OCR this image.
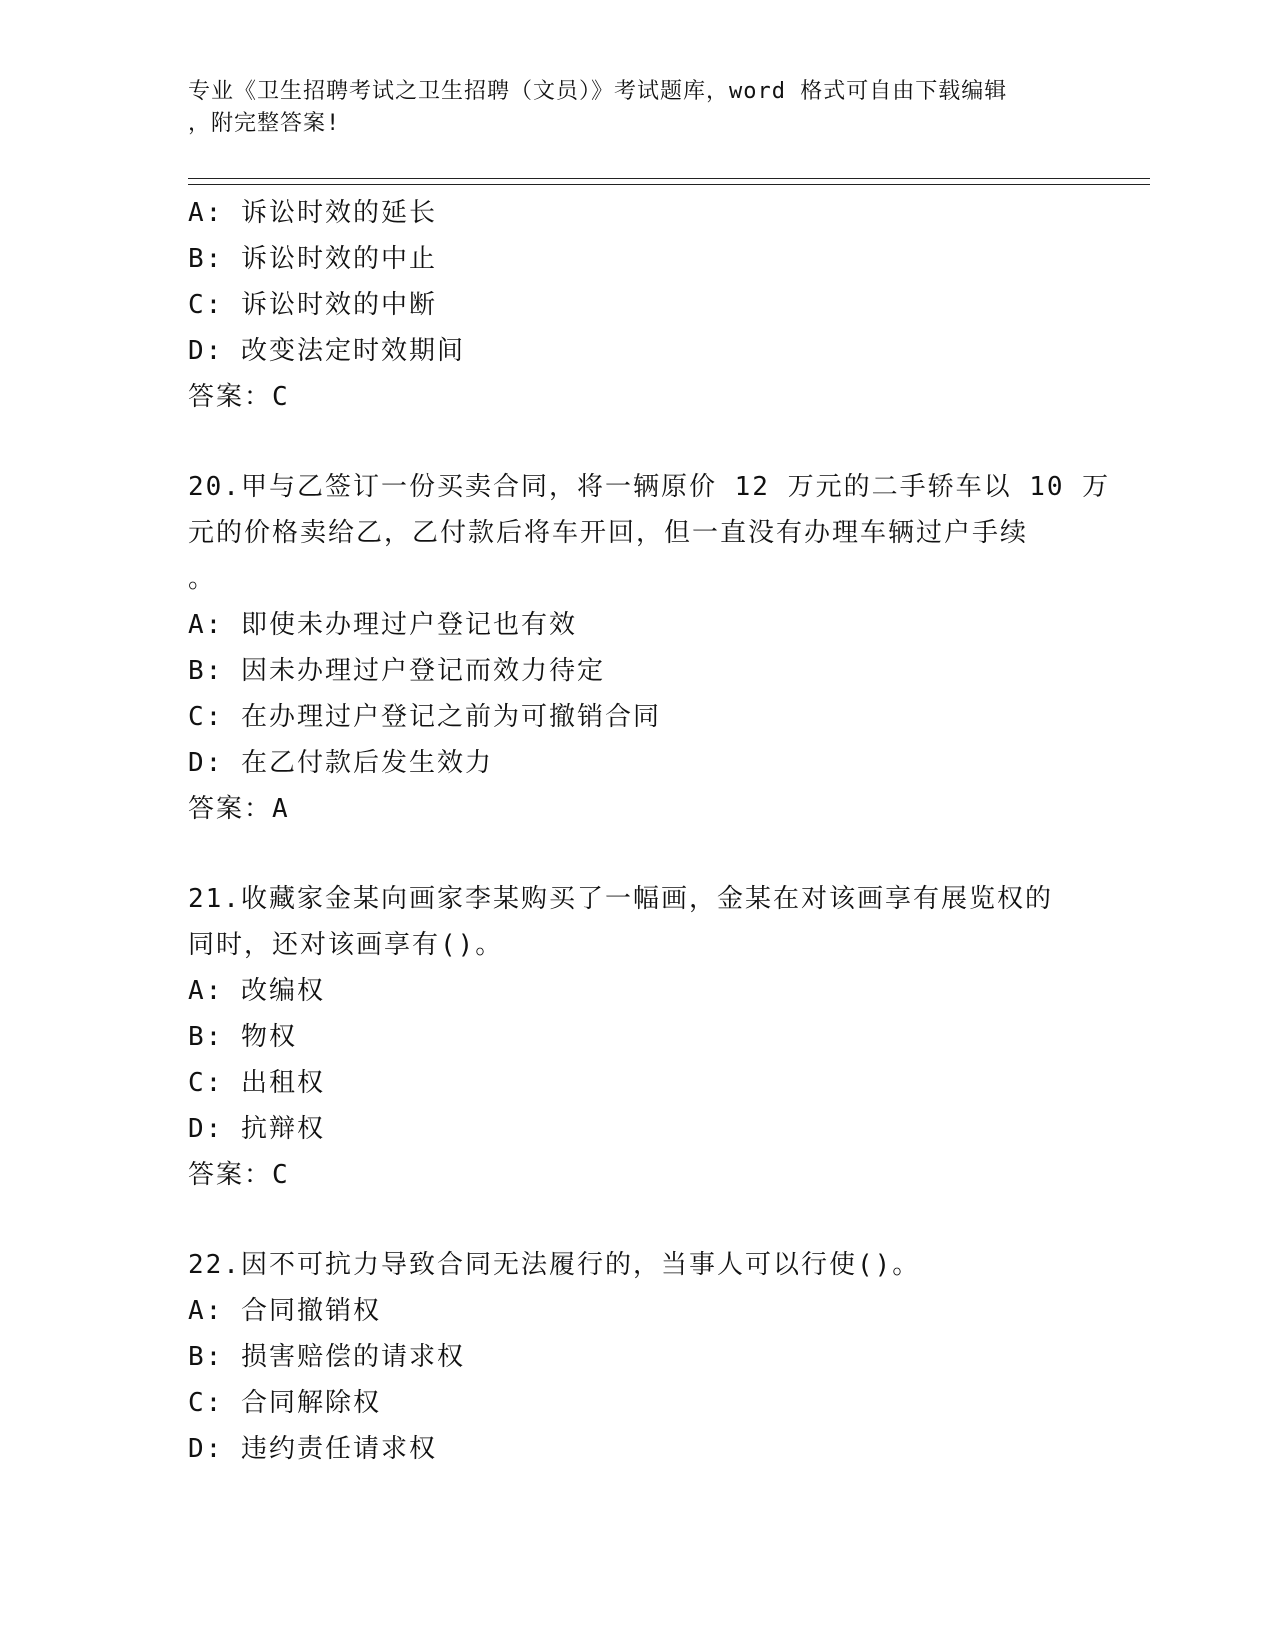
专业《卫生招聘考试之卫生招聘（文员）》考试题库，word 格式可自由下载编辑
，附完整答案!
A: 诉讼时效的延长
B: 诉讼时效的中止
C: 诉讼时效的中断
D: 改变法定时效期间
答案：C
20.甲与乙签订一份买卖合同，将一辆原价 12 万元的二手轿车以 10 万
元的价格卖给乙，乙付款后将车开回，但一直没有办理车辆过户手续
。
A: 即使未办理过户登记也有效
B: 因未办理过户登记而效力待定
C: 在办理过户登记之前为可撤销合同
D: 在乙付款后发生效力
答案：A
21.收藏家金某向画家李某购买了一幅画，金某在对该画享有展览权的
同时，还对该画享有()。
A: 改编权
B: 物权
C: 出租权
D: 抗辩权
答案：C
22.因不可抗力导致合同无法履行的，当事人可以行使()。
A: 合同撤销权
B: 损害赔偿的请求权
C: 合同解除权
D: 违约责任请求权
